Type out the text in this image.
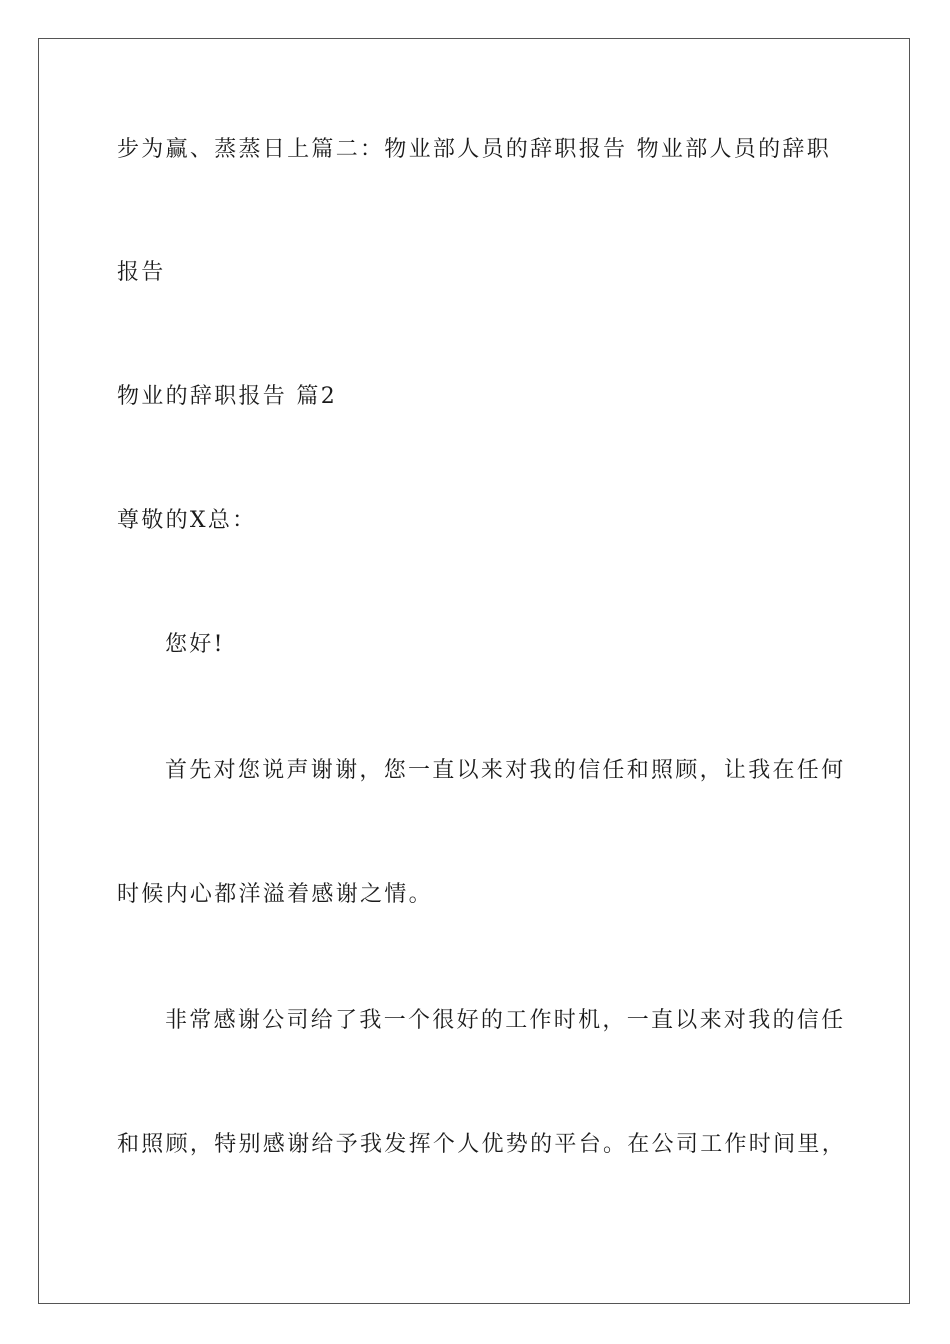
步为赢、蒸蒸日上篇二：物业部人员的辞职报告 物业部人员的辞职
报告
物业的辞职报告 篇2
尊敬的X总：
您好!
首先对您说声谢谢，您一直以来对我的信任和照顾，让我在任何
时候内心都洋溢着感谢之情。
非常感谢公司给了我一个很好的工作时机，一直以来对我的信任
和照顾，特别感谢给予我发挥个人优势的平台。在公司工作时间里，
